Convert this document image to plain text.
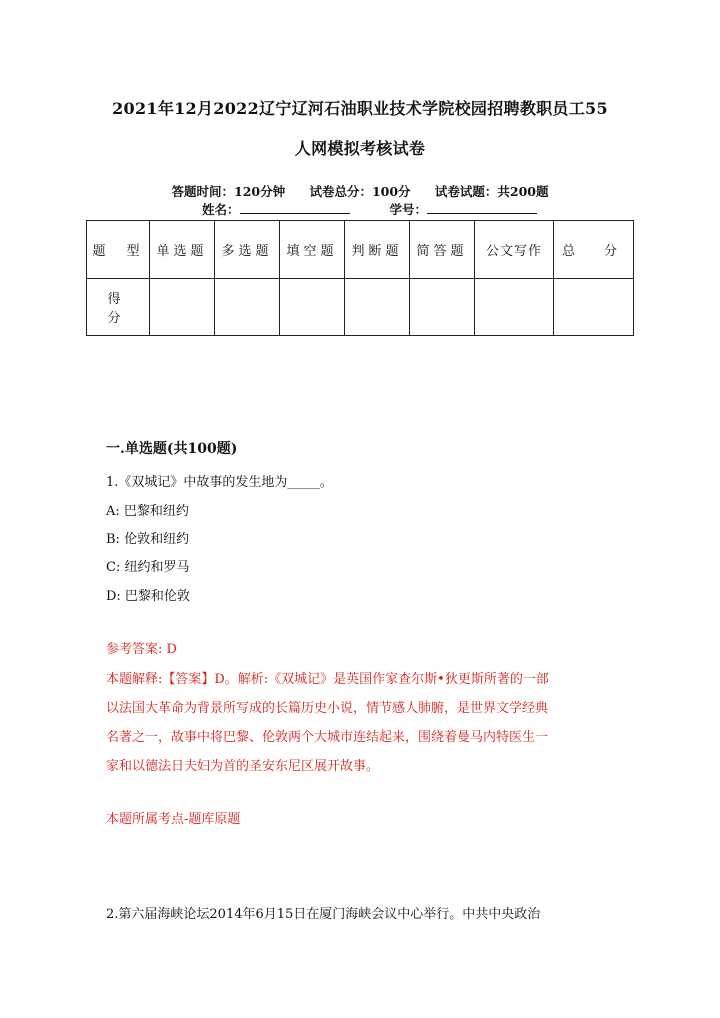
2021年12月2022辽宁辽河石油职业技术学院校园招聘教职员工55
人网模拟考核试卷
答题时间：120分钟 试卷总分：100分 试卷试题：共200题
姓名：	学号：
题　型	单选题	多选题	填空题	判断题	简答题	公文写作	总　分
得　分							
一.单选题(共100题)
1.《双城记》中故事的发生地为_____。
A: 巴黎和纽约
B: 伦敦和纽约
C: 纽约和罗马
D: 巴黎和伦敦
参考答案: D
本题解释:【答案】D。解析:《双城记》是英国作家查尔斯•狄更斯所著的一部
以法国大革命为背景所写成的长篇历史小说，情节感人肺腑，是世界文学经典
名著之一，故事中将巴黎、伦敦两个大城市连结起来，围绕着曼马内特医生一
家和以德法日夫妇为首的圣安东尼区展开故事。
本题所属考点-题库原题
2.第六届海峡论坛2014年6月15日在厦门海峡会议中心举行。中共中央政治
